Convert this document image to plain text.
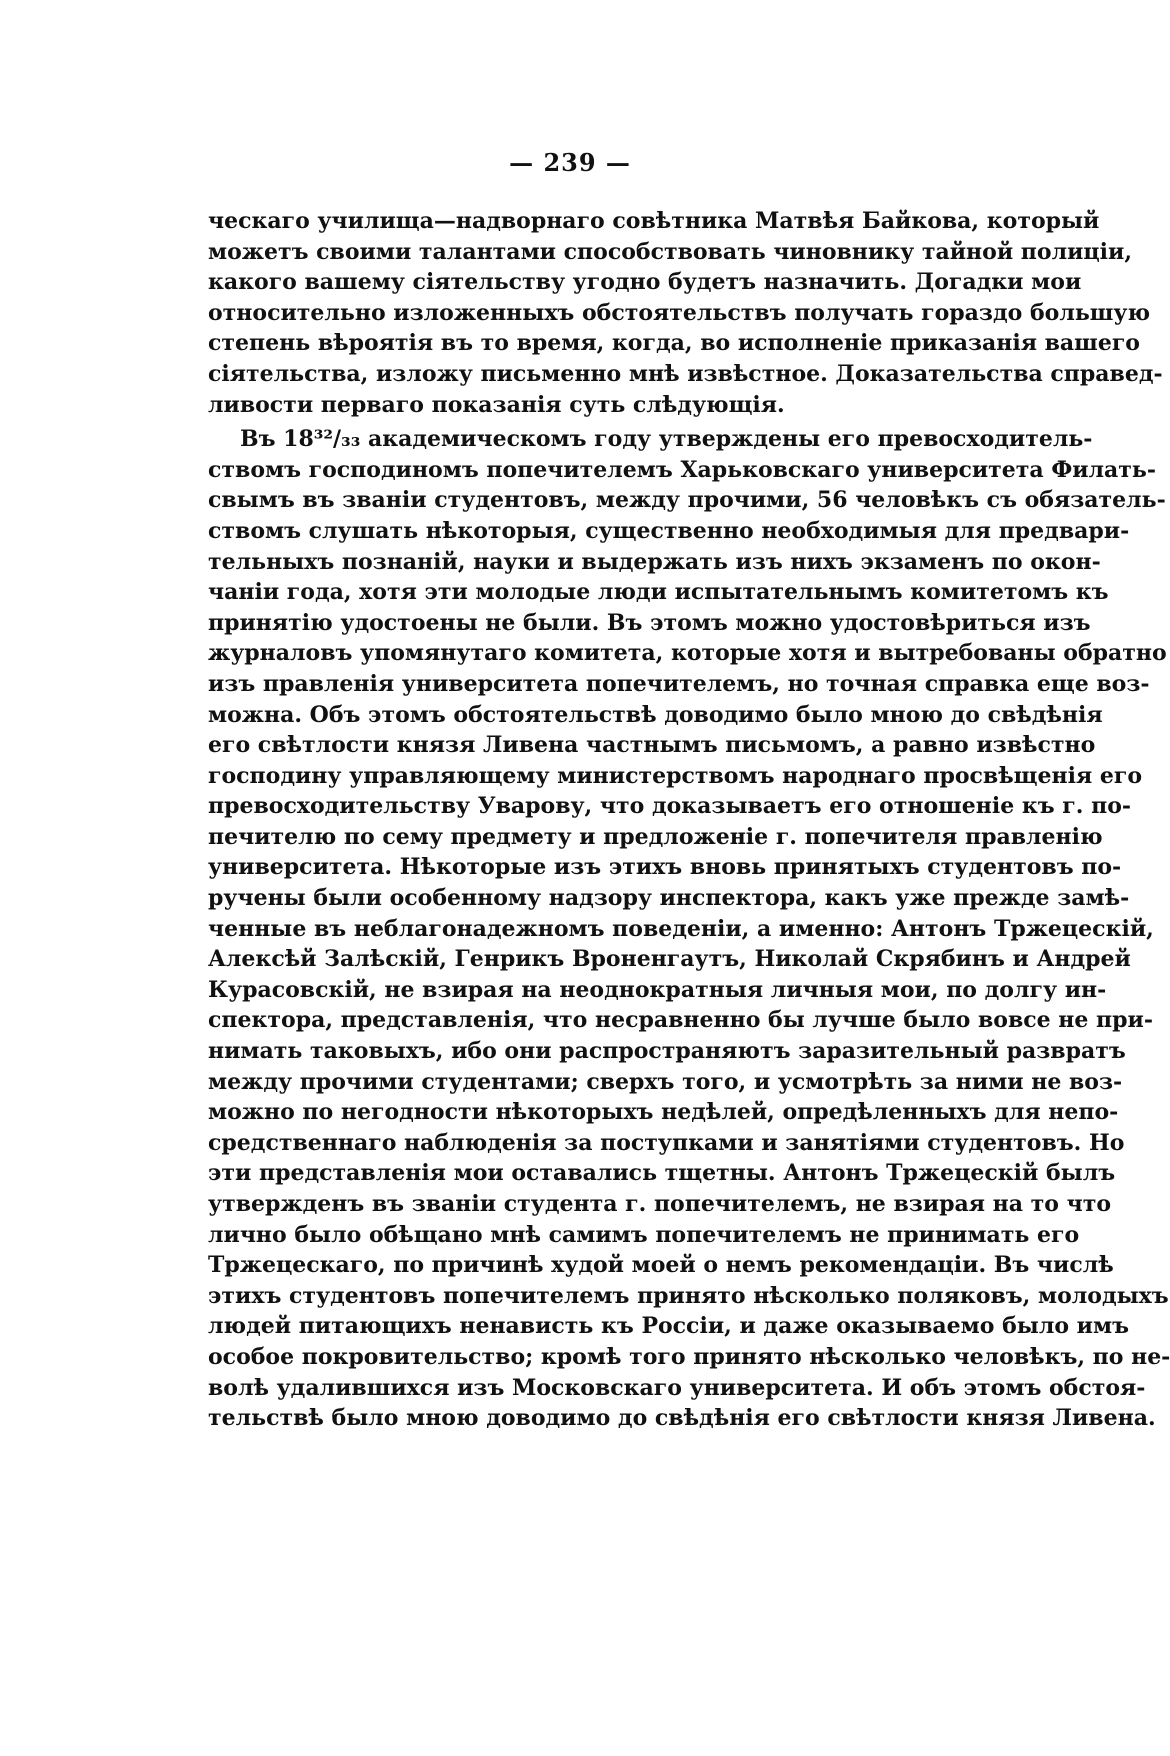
— 239 —
ческаго училища—надворнаго совѣтника Матвѣя Байкова, который
можетъ своими талантами способствовать чиновнику тайной полиціи,
какого вашему сіятельству угодно будетъ назначить. Догадки мои
относительно изложенныхъ обстоятельствъ получать гораздо большую
степень вѣроятія въ то время, когда, во исполненіе приказанія вашего
сіятельства, изложу письменно мнѣ извѣстное. Доказательства справед-
ливости перваго показанія суть слѣдующія.
Въ 18³²/₃₃ академическомъ году утверждены его превосходитель-
ствомъ господиномъ попечителемъ Харьковскаго университета Филать-
свымъ въ званіи студентовъ, между прочими, 56 человѣкъ съ обязатель-
ствомъ слушать нѣкоторыя, существенно необходимыя для предвари-
тельныхъ познаній, науки и выдержать изъ нихъ экзаменъ по окон-
чаніи года, хотя эти молодые люди испытательнымъ комитетомъ къ
принятію удостоены не были. Въ этомъ можно удостовѣриться изъ
журналовъ упомянутаго комитета, которые хотя и вытребованы обратно
изъ правленія университета попечителемъ, но точная справка еще воз-
можна. Объ этомъ обстоятельствѣ доводимо было мною до свѣдѣнія
его свѣтлости князя Ливена частнымъ письмомъ, а равно извѣстно
господину управляющему министерствомъ народнаго просвѣщенія его
превосходительству Уварову, что доказываетъ его отношеніе къ г. по-
печителю по сему предмету и предложеніе г. попечителя правленію
университета. Нѣкоторые изъ этихъ вновь принятыхъ студентовъ по-
ручены были особенному надзору инспектора, какъ уже прежде замѣ-
ченные въ неблагонадежномъ поведеніи, а именно: Антонъ Тржецескій,
Алексѣй Залѣскій, Генрикъ Вроненгаутъ, Николай Скрябинъ и Андрей
Курасовскій, не взирая на неоднократныя личныя мои, по долгу ин-
спектора, представленія, что несравненно бы лучше было вовсе не при-
нимать таковыхъ, ибо они распространяютъ заразительный развратъ
между прочими студентами; сверхъ того, и усмотрѣть за ними не воз-
можно по негодности нѣкоторыхъ недѣлей, опредѣленныхъ для непо-
средственнаго наблюденія за поступками и занятіями студентовъ. Но
эти представленія мои оставались тщетны. Антонъ Тржецескій былъ
утвержденъ въ званіи студента г. попечителемъ, не взирая на то что
лично было обѣщано мнѣ самимъ попечителемъ не принимать его
Тржецескаго, по причинѣ худой моей о немъ рекомендаціи. Въ числѣ
этихъ студентовъ попечителемъ принято нѣсколько поляковъ, молодыхъ
людей питающихъ ненависть къ Россіи, и даже оказываемо было имъ
особое покровительство; кромѣ того принято нѣсколько человѣкъ, по не-
волѣ удалившихся изъ Московскаго университета. И объ этомъ обстоя-
тельствѣ было мною доводимо до свѣдѣнія его свѣтлости князя Ливена.
